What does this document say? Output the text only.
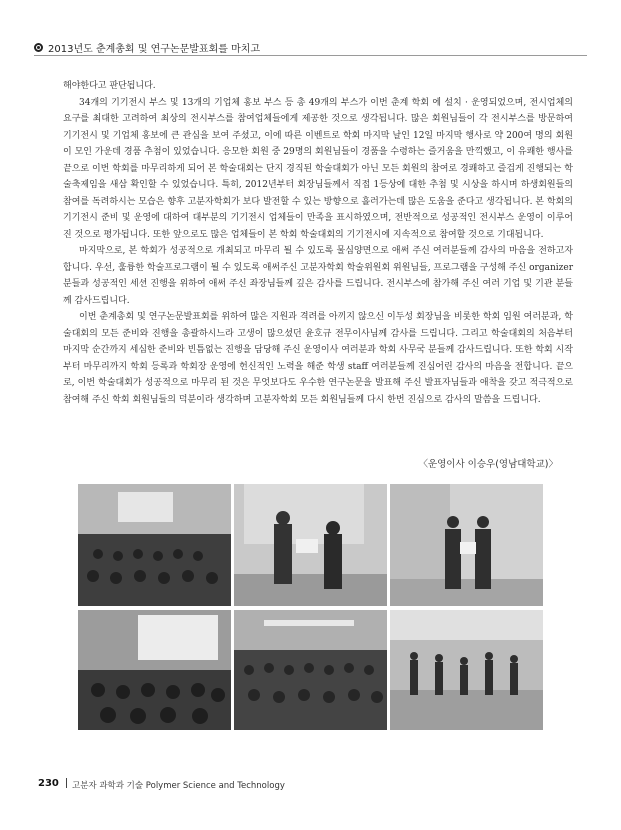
2013년도 춘계총회 및 연구논문발표회를 마치고

해야한다고 판단됩니다.

34개의 기기전시 부스 및 13개의 기업체 홍보 부스 등 총 49개의 부스가 이번 춘계 학회 에 설치 · 운영되었으며, 전시업체의 요구를 최대한 고려하여 최상의 전시부스를 참여업체들에게 제공한 것으로 생각됩니다. 많은 회원님들이 각 전시부스를 방문하여 기기전시 및 기업체 홍보에 큰 관심을 보여 주셨고, 이에 따른 이벤트로 학회 마지막 날인 12일 마지막 행사로 약 200여 명의 회원이 모인 가운데 경품 추첨이 있었습니다. 응모한 회원 중 29명의 회원님들이 경품을 수령하는 즐거움을 만끽했고, 이 유쾌한 행사를 끝으로 이번 학회를 마무리하게 되어 본 학술대회는 단지 경직된 학술대회가 아닌 모든 회원의 참여로 경쾌하고 즐겁게 진행되는 학술축제임을 새삼 확인할 수 있었습니다. 특히, 2012년부터 회장님들께서 직접 1등상에 대한 추첨 및 시상을 하시며 하생회원들의 참여를 독려하시는 모습은 향후 고분자학회가 보다 발전할 수 있는 방향으로 흘러가는데 많은 도움을 준다고 생각됩니다. 본 학회의 기기전시 준비 및 운영에 대하여 대부분의 기기전시 업체들이 만족을 표시하였으며, 전반적으로 성공적인 전시부스 운영이 이루어진 것으로 평가됩니다. 또한 앞으로도 많은 업체들이 본 학회 학술대회의 기기전시에 지속적으로 참여할 것으로 기대됩니다.

마지막으로, 본 학회가 성공적으로 개최되고 마무리 될 수 있도록 물심양면으로 애써 주신 여러분들께 감사의 마음을 전하고자 합니다. 우선, 훌륭한 학술프로그램이 될 수 있도록 애써주신 고분자학회 학술위원회 위원님들, 프로그램을 구성해 주신 organizer 분들과 성공적인 세션 진행을 위하여 애써 주신 좌장님들께 깊은 감사를 드립니다. 전시부스에 참가해 주신 여러 기업 및 기관 분들께 감사드립니다.

이번 춘계총회 및 연구논문발표회를 위하여 많은 지원과 격려를 아끼지 않으신 이두성 회장님을 비롯한 학회 임원 여러분과, 학술대회의 모든 준비와 진행을 총괄하시느라 고생이 많으셨던 윤호규 전무이사님께 감사를 드립니다. 그리고 학술대회의 처음부터 마지막 순간까지 세심한 준비와 빈틈없는 진행을 담당해 주신 운영이사 여러분과 학회 사무국 분들께 감사드립니다. 또한 학회 시작부터 마무리까지 학회 등록과 학회장 운영에 헌신적인 노력을 해준 학생 staff 여러분들께 진심어린 감사의 마음을 전합니다. 끝으로, 이번 학술대회가 성공적으로 마무리 된 것은 무엇보다도 우수한 연구논문을 발표해 주신 발표자님들과 애착을 갖고 적극적으로 참여해 주신 학회 회원님들의 덕분이라 생각하며 고분자학회 모든 회원님들께 다시 한번 진심으로 감사의 말씀을 드립니다.

〈운영이사 이승우(영남대학교)〉
230 고분자 과학과 기술 Polymer Science and Technology
